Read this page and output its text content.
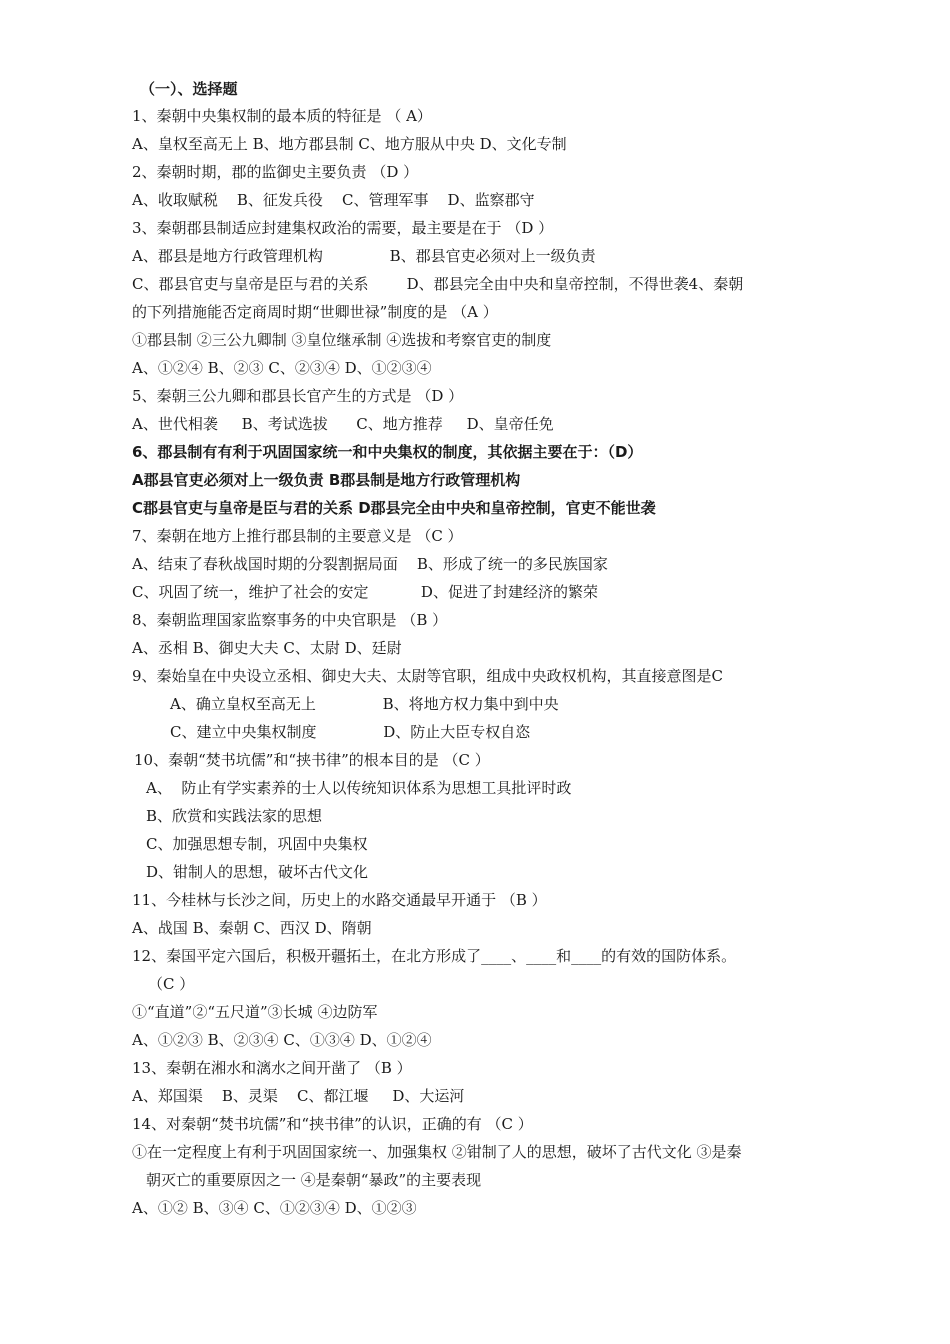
（一）、选择题
1、秦朝中央集权制的最本质的特征是 （ A）
A、皇权至高无上 B、地方郡县制 C、地方服从中央 D、文化专制
2、秦朝时期，郡的监御史主要负责 （D ）
A、收取赋税    B、征发兵役    C、管理军事    D、监察郡守
3、秦朝郡县制适应封建集权政治的需要，最主要是在于 （D ）
A、郡县是地方行政管理机构              B、郡县官吏必须对上一级负责
C、郡县官吏与皇帝是臣与君的关系        D、郡县完全由中央和皇帝控制，不得世袭4、秦朝
的下列措施能否定商周时期“世卿世禄”制度的是 （A ）
①郡县制 ②三公九卿制 ③皇位继承制 ④选拔和考察官吏的制度
A、①②④ B、②③ C、②③④ D、①②③④
5、秦朝三公九卿和郡县长官产生的方式是 （D ）
A、世代相袭     B、考试选拔      C、地方推荐     D、皇帝任免
6、郡县制有有利于巩固国家统一和中央集权的制度，其依据主要在于：（D）
A郡县官吏必须对上一级负责 B郡县制是地方行政管理机构
C郡县官吏与皇帝是臣与君的关系 D郡县完全由中央和皇帝控制，官吏不能世袭
7、秦朝在地方上推行郡县制的主要意义是 （C ）
A、结束了春秋战国时期的分裂割据局面    B、形成了统一的多民族国家
C、巩固了统一，维护了社会的安定           D、促进了封建经济的繁荣
8、秦朝监理国家监察事务的中央官职是 （B ）
A、丞相 B、御史大夫 C、太尉 D、廷尉
9、秦始皇在中央设立丞相、御史大夫、太尉等官职，组成中央政权机构，其直接意图是C
A、确立皇权至高无上              B、将地方权力集中到中央
C、建立中央集权制度              D、防止大臣专权自恣
10、秦朝“焚书坑儒”和“挟书律”的根本目的是 （C ）
A、  防止有学实素养的士人以传统知识体系为思想工具批评时政
B、欣赏和实践法家的思想
C、加强思想专制，巩固中央集权
D、钳制人的思想，破坏古代文化
11、今桂林与长沙之间，历史上的水路交通最早开通于 （B ）
A、战国 B、秦朝 C、西汉 D、隋朝
12、秦国平定六国后，积极开疆拓土，在北方形成了____、____和____的有效的国防体系。
（C ）
①“直道”②“五尺道”③长城 ④边防军
A、①②③ B、②③④ C、①③④ D、①②④
13、秦朝在湘水和漓水之间开凿了 （B ）
A、郑国渠    B、灵渠    C、都江堰     D、大运河
14、对秦朝“焚书坑儒”和“挟书律”的认识，正确的有 （C ）
①在一定程度上有利于巩固国家统一、加强集权 ②钳制了人的思想，破坏了古代文化 ③是秦
朝灭亡的重要原因之一 ④是秦朝“暴政”的主要表现
A、①② B、③④ C、①②③④ D、①②③
